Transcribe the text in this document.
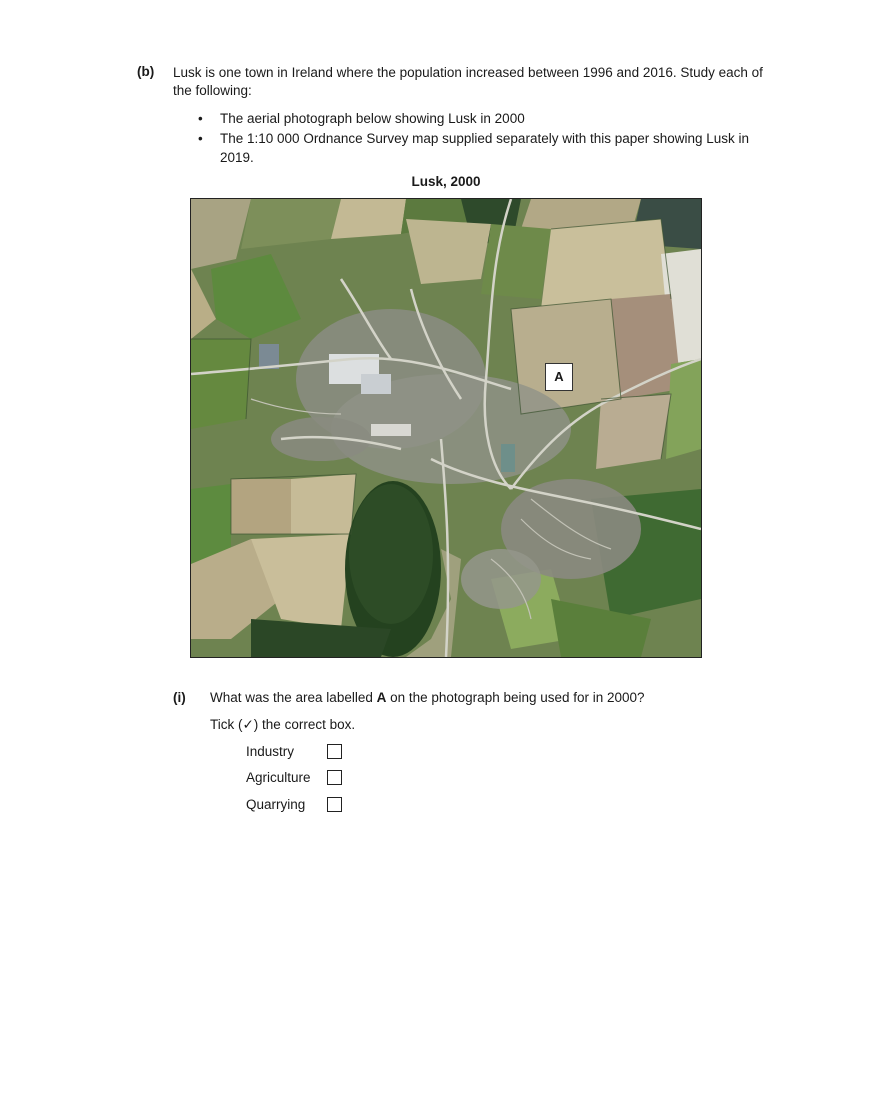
(b) Lusk is one town in Ireland where the population increased between 1996 and 2016. Study each of the following:
• The aerial photograph below showing Lusk in 2000
• The 1:10 000 Ordnance Survey map supplied separately with this paper showing Lusk in 2019.
Lusk, 2000
A
(i) What was the area labelled A on the photograph being used for in 2000?
Tick (✓) the correct box.
Industry
Agriculture
Quarrying
